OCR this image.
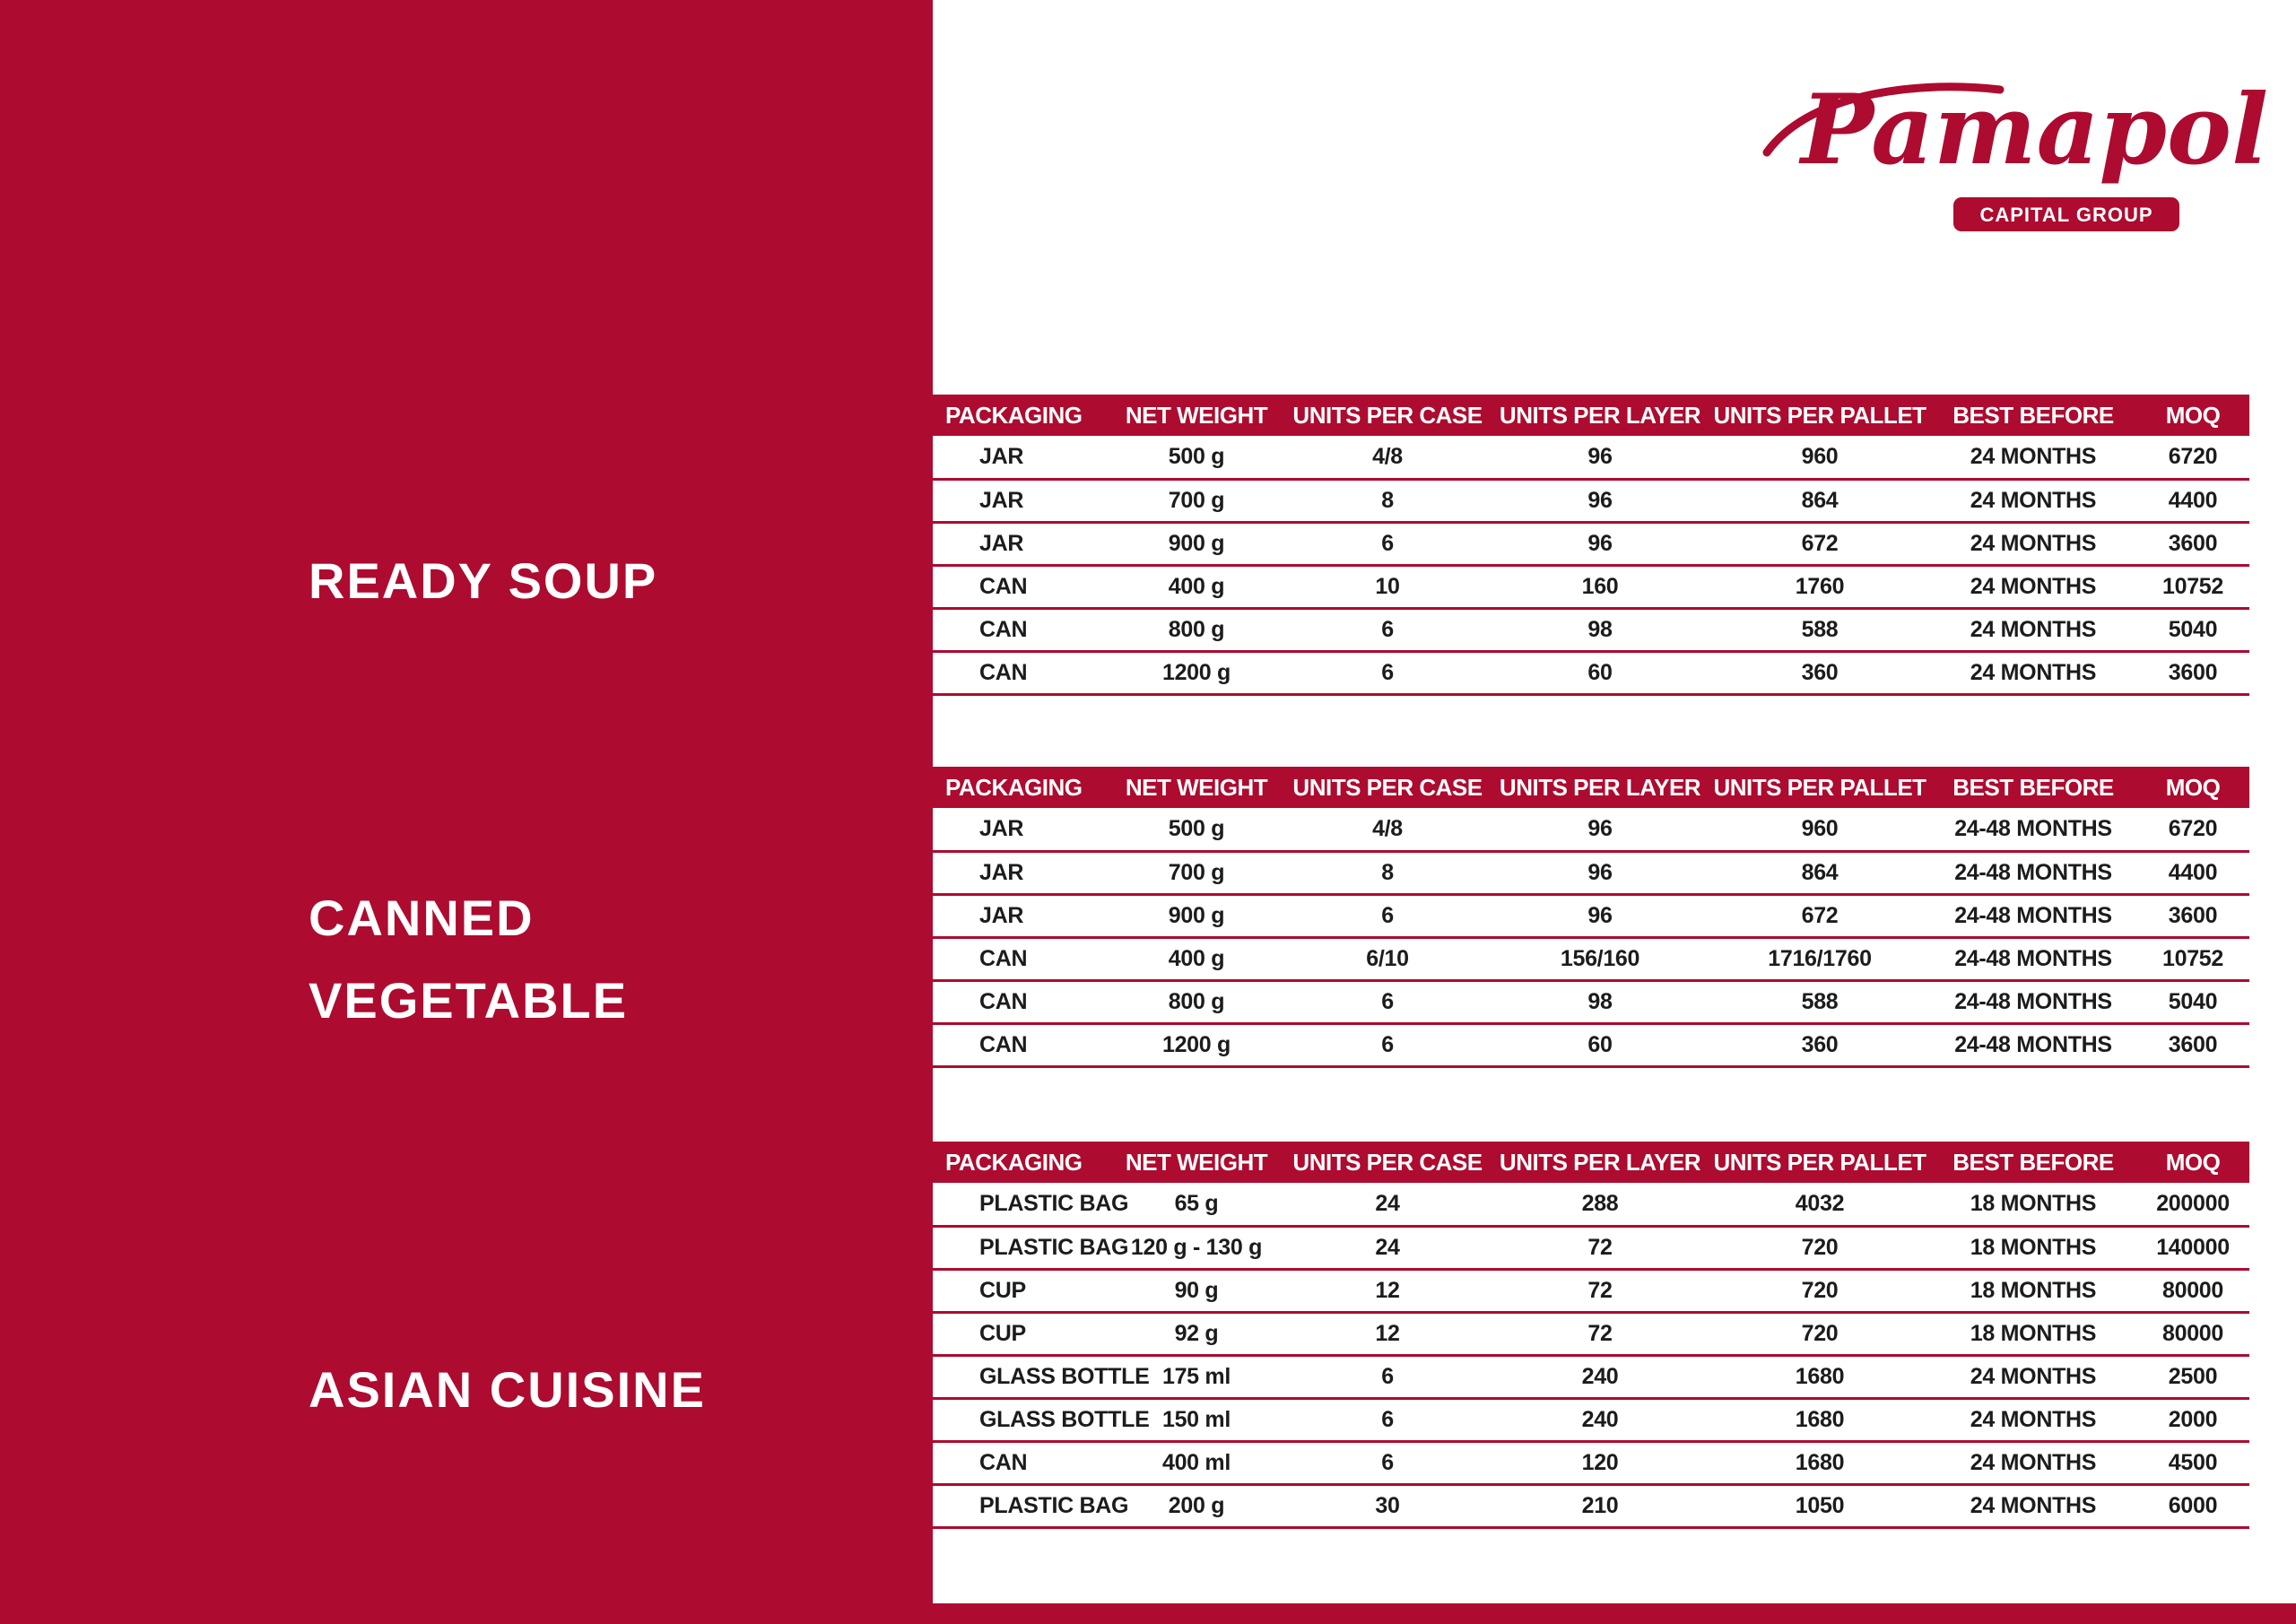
READY SOUP
CANNED
VEGETABLE
ASIAN CUISINE
Pamapol
CAPITAL GROUP
PACKAGING	NET WEIGHT	UNITS PER CASE	UNITS PER LAYER	UNITS PER PALLET	BEST BEFORE	MOQ
JAR	500 g	4/8	96	960	24 MONTHS	6720
JAR	700 g	8	96	864	24 MONTHS	4400
JAR	900 g	6	96	672	24 MONTHS	3600
CAN	400 g	10	160	1760	24 MONTHS	10752
CAN	800 g	6	98	588	24 MONTHS	5040
CAN	1200 g	6	60	360	24 MONTHS	3600
PACKAGING	NET WEIGHT	UNITS PER CASE	UNITS PER LAYER	UNITS PER PALLET	BEST BEFORE	MOQ
JAR	500 g	4/8	96	960	24-48 MONTHS	6720
JAR	700 g	8	96	864	24-48 MONTHS	4400
JAR	900 g	6	96	672	24-48 MONTHS	3600
CAN	400 g	6/10	156/160	1716/1760	24-48 MONTHS	10752
CAN	800 g	6	98	588	24-48 MONTHS	5040
CAN	1200 g	6	60	360	24-48 MONTHS	3600
PACKAGING	NET WEIGHT	UNITS PER CASE	UNITS PER LAYER	UNITS PER PALLET	BEST BEFORE	MOQ
PLASTIC BAG	65 g	24	288	4032	18 MONTHS	200000
PLASTIC BAG	120 g - 130 g	24	72	720	18 MONTHS	140000
CUP	90 g	12	72	720	18 MONTHS	80000
CUP	92 g	12	72	720	18 MONTHS	80000
GLASS BOTTLE	175 ml	6	240	1680	24 MONTHS	2500
GLASS BOTTLE	150 ml	6	240	1680	24 MONTHS	2000
CAN	400 ml	6	120	1680	24 MONTHS	4500
PLASTIC BAG	200 g	30	210	1050	24 MONTHS	6000
